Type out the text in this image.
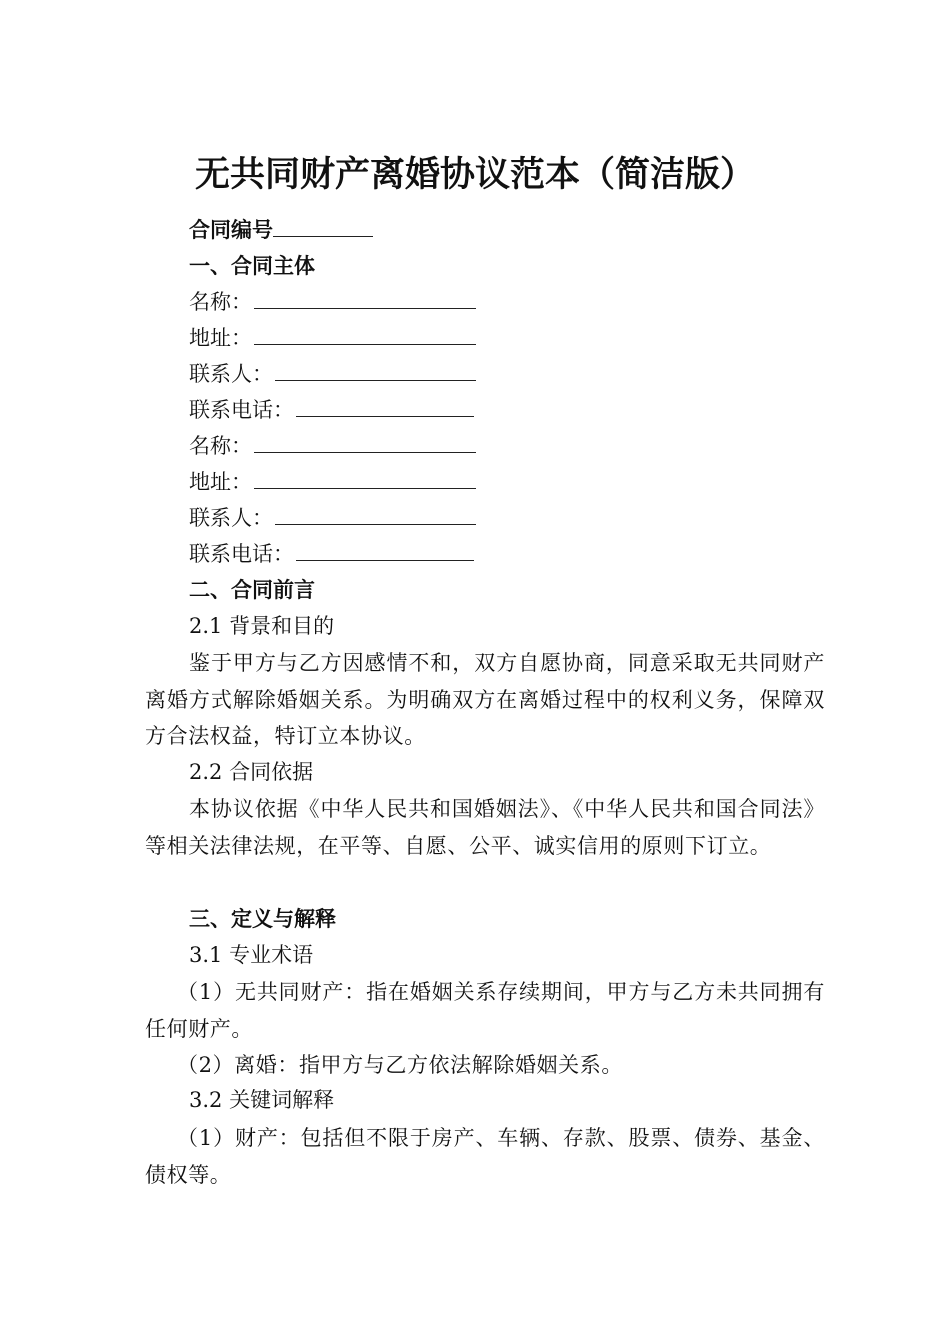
无共同财产离婚协议范本（简洁版）
合同编号
一、合同主体
名称：
地址：
联系人：
联系电话：
名称：
地址：
联系人：
联系电话：
二、合同前言
2.1 背景和目的
鉴于甲方与乙方因感情不和，双方自愿协商，同意采取无共同财产离婚方式解除婚姻关系。为明确双方在离婚过程中的权利义务，保障双方合法权益，特订立本协议。
2.2 合同依据
本协议依据《中华人民共和国婚姻法》、《中华人民共和国合同法》等相关法律法规，在平等、自愿、公平、诚实信用的原则下订立。
三、定义与解释
3.1 专业术语
（1）无共同财产：指在婚姻关系存续期间，甲方与乙方未共同拥有任何财产。
（2）离婚：指甲方与乙方依法解除婚姻关系。
3.2 关键词解释
（1）财产：包括但不限于房产、车辆、存款、股票、债券、基金、债权等。
